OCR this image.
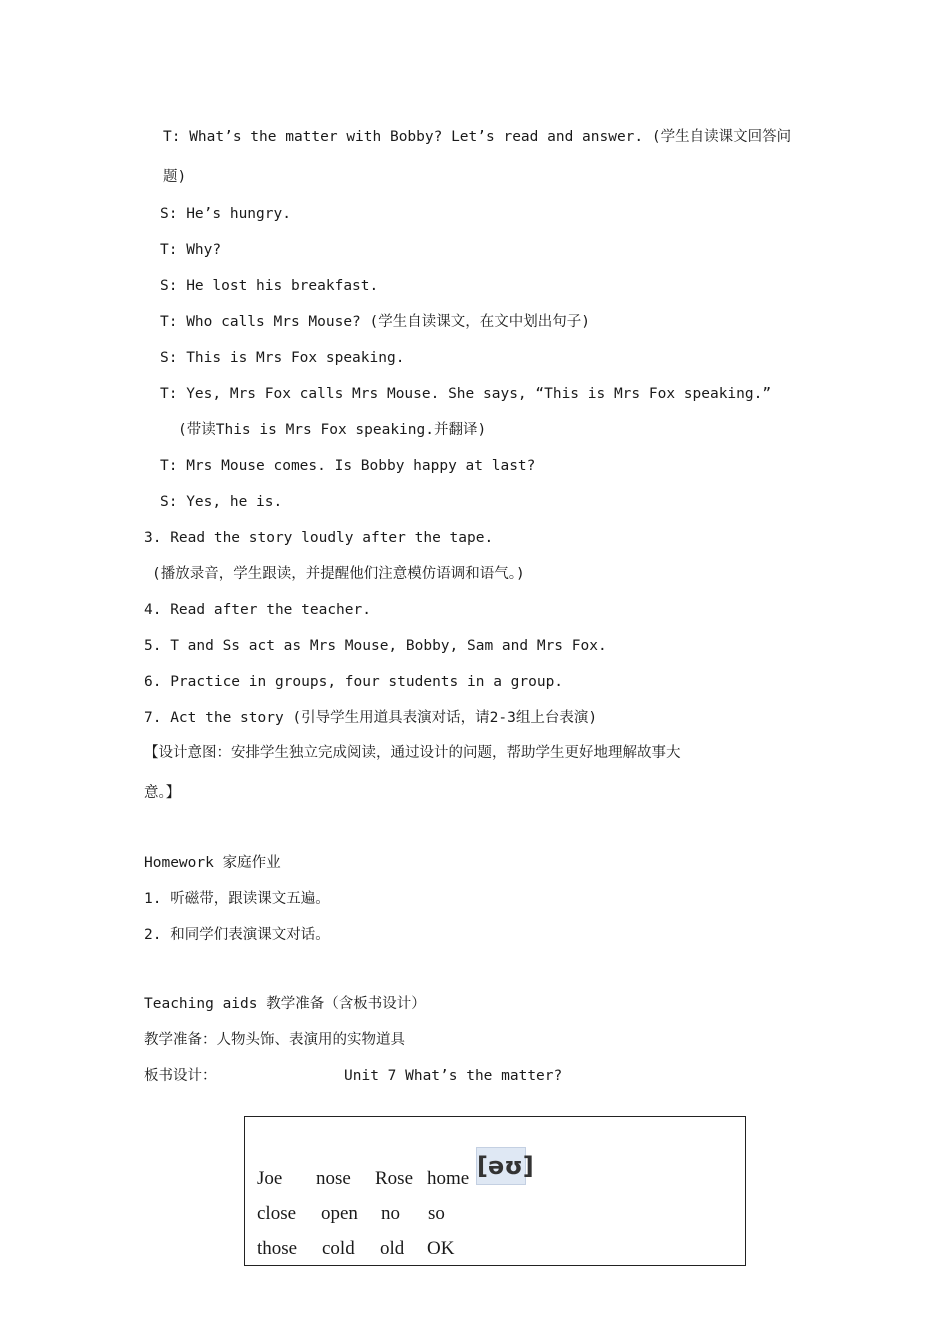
T: What’s the matter with Bobby? Let’s read and answer. (学生自读课文回答问
题)
S: He’s hungry.
T: Why?
S: He lost his breakfast.
T: Who calls Mrs Mouse? (学生自读课文，在文中划出句子)
S: This is Mrs Fox speaking.
T: Yes, Mrs Fox calls Mrs Mouse. She says, “This is Mrs Fox speaking.”
(带读This is Mrs Fox speaking.并翻译)
T: Mrs Mouse comes. Is Bobby happy at last?
S: Yes, he is.
3. Read the story loudly after the tape.
(播放录音，学生跟读，并提醒他们注意模仿语调和语气。)
4. Read after the teacher.
5. T and Ss act as Mrs Mouse, Bobby, Sam and Mrs Fox.
6. Practice in groups, four students in a group.
7. Act the story (引导学生用道具表演对话，请2-3组上台表演)
【设计意图：安排学生独立完成阅读，通过设计的问题，帮助学生更好地理解故事大
意。】
Homework 家庭作业
1. 听磁带，跟读课文五遍。
2. 和同学们表演课文对话。
Teaching aids 教学准备（含板书设计）
教学准备：人物头饰、表演用的实物道具
板书设计：	Unit 7 What’s the matter?
[əʊ]
Joe nose Rose home
close open no so
those cold old OK
